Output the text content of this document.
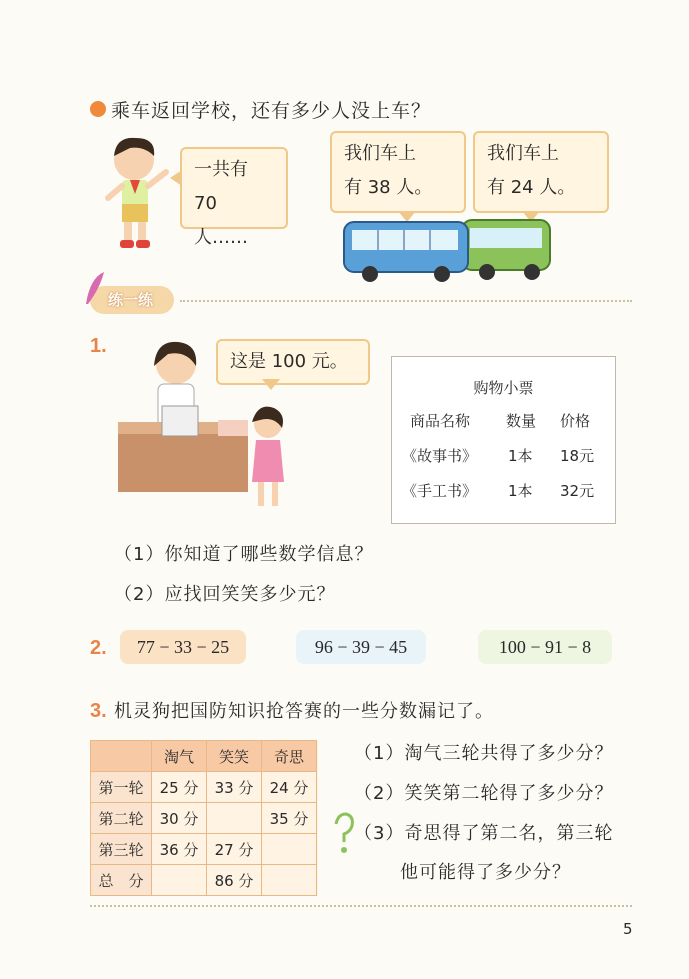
乘车返回学校，还有多少人没上车？
一共有
70 人……
我们车上
有 38 人。
我们车上
有 24 人。
练一练
1.
这是 100 元。
购物小票
商品名称	数量	价格
《故事书》	1本	18元
《手工书》	1本	32元
（1）你知道了哪些数学信息？
（2）应找回笑笑多少元？
2.	77 − 33 − 25	96 − 39 − 45	100 − 91 − 8
3. 机灵狗把国防知识抢答赛的一些分数漏记了。
	淘气	笑笑	奇思
第一轮	25 分	33 分	24 分
第二轮	30 分		35 分
第三轮	36 分	27 分	
总　分		86 分	
（1）淘气三轮共得了多少分？
（2）笑笑第二轮得了多少分？
（3）奇思得了第二名，第三轮
他可能得了多少分？
5
